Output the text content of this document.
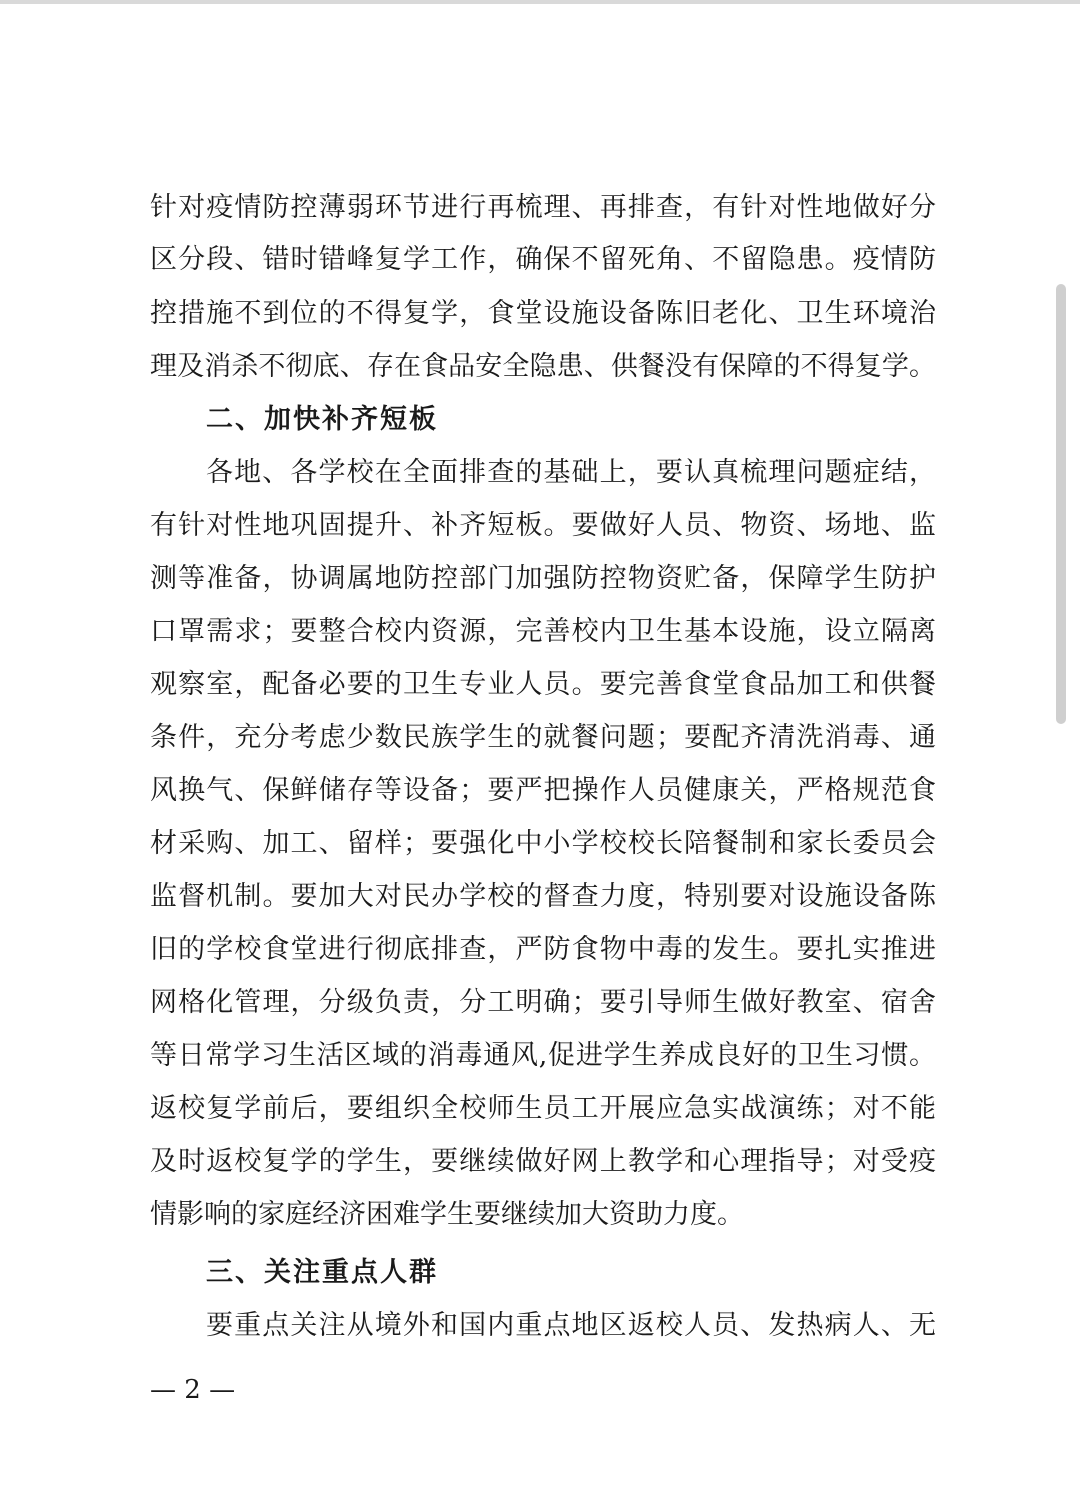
针对疫情防控薄弱环节进行再梳理、再排查，有针对性地做好分
区分段、错时错峰复学工作，确保不留死角、不留隐患。疫情防
控措施不到位的不得复学，食堂设施设备陈旧老化、卫生环境治
理及消杀不彻底、存在食品安全隐患、供餐没有保障的不得复学。
二、加快补齐短板
各地、各学校在全面排查的基础上，要认真梳理问题症结，
有针对性地巩固提升、补齐短板。要做好人员、物资、场地、监
测等准备，协调属地防控部门加强防控物资贮备，保障学生防护
口罩需求；要整合校内资源，完善校内卫生基本设施，设立隔离
观察室，配备必要的卫生专业人员。要完善食堂食品加工和供餐
条件，充分考虑少数民族学生的就餐问题；要配齐清洗消毒、通
风换气、保鲜储存等设备；要严把操作人员健康关，严格规范食
材采购、加工、留样；要强化中小学校校长陪餐制和家长委员会
监督机制。要加大对民办学校的督查力度，特别要对设施设备陈
旧的学校食堂进行彻底排查，严防食物中毒的发生。要扎实推进
网格化管理，分级负责，分工明确；要引导师生做好教室、宿舍
等日常学习生活区域的消毒通风,促进学生养成良好的卫生习惯。
返校复学前后，要组织全校师生员工开展应急实战演练；对不能
及时返校复学的学生，要继续做好网上教学和心理指导；对受疫
情影响的家庭经济困难学生要继续加大资助力度。
三、关注重点人群
要重点关注从境外和国内重点地区返校人员、发热病人、无
— 2 —
